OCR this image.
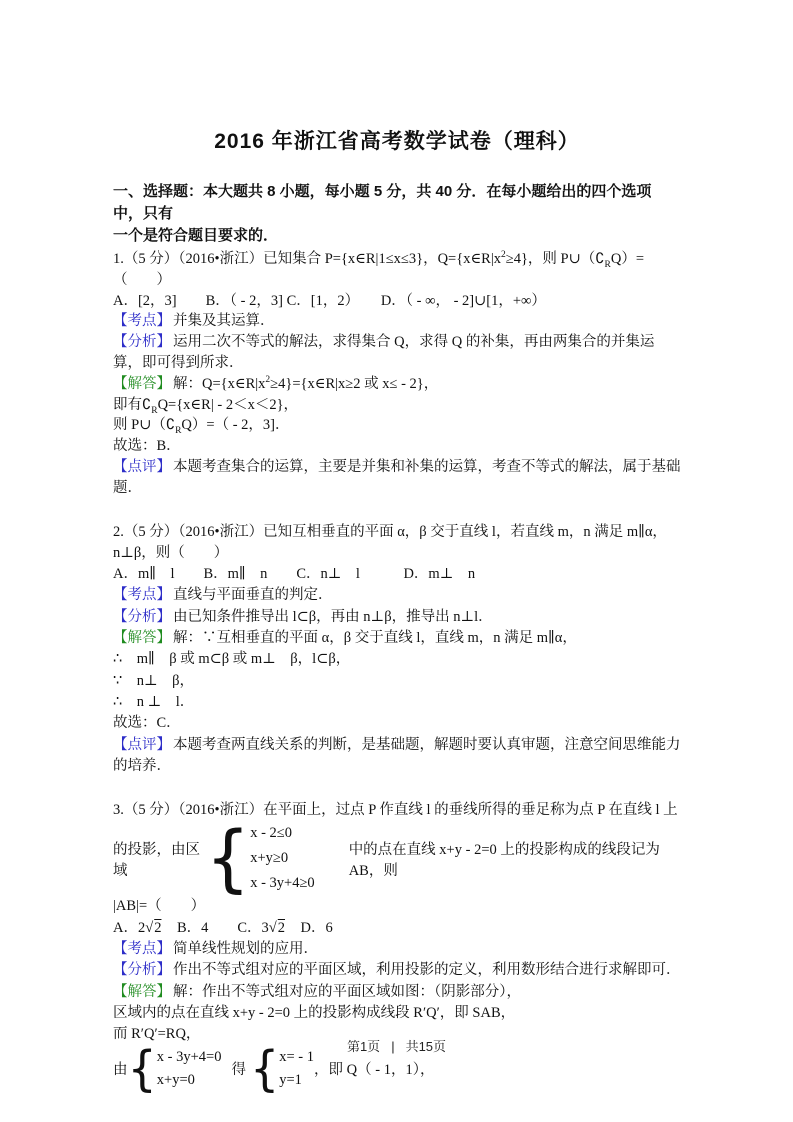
2016 年浙江省高考数学试卷（理科）
一、选择题：本大题共 8 小题，每小题 5 分，共 40 分．在每小题给出的四个选项中，只有
一个是符合题目要求的．

1.（5 分）（2016•浙江）已知集合 P={x∈R|1≤x≤3}，$Q=\{x\in R|x^2\ge 4\}$，则 $P\cup(∁_RQ)=$（　　）

A．[2，3]　　B．（ - 2，3] C．[1，2）　　D．（ - ∞， - 2]∪[1，+∞）

【考点】 并集及其运算．

【分析】 运用二次不等式的解法，求得集合 Q，求得 Q 的补集，再由两集合的并集运算，即可得到所求．

【解答】 解：$Q=\{x\in R|x^2\ge 4\}=\{x\in R|x\ge 2$ 或 x≤ - 2}，

即有$∁_RQ=\{x\in R| - 2<x<2\}$，

则 $P\cup(∁_RQ)=( - 2$，3]．

故选：B．

【点评】 本题考查集合的运算，主要是并集和补集的运算，考查不等式的解法，属于基础题．

2.（5 分）（2016•浙江）已知互相垂直的平面 α，β 交于直线 l，若直线 m，n 满足 m∥α，

n⊥β，则（　　）

A．m∥　l　　B．m∥　n　　C．n⊥　l　　　D．m⊥　n

【考点】 直线与平面垂直的判定．

【分析】 由已知条件推导出 l⊂β，再由 n⊥β，推导出 n⊥l．

【解答】 解：∵互相垂直的平面 α，β 交于直线 l，直线 m，n 满足 m∥α，

∴　m∥　β 或 m⊂β 或 m⊥　β，l⊂β，

∵　n⊥　β，

∴　n ⊥　l．

故选：C．

【点评】 本题考查两直线关系的判断，是基础题，解题时要认真审题，注意空间思维能力的培养．

3.（5 分）（2016•浙江）在平面上，过点 P 作直线 l 的垂线所得的垂足称为点 P 在直线 l 上

的投影，由区域	{ x - 2≤0
x+y≥0
x - 3y+4≥0
中的点在直线 x+y - 2=0 上的投影构成的线段记为 AB，则

|AB|=（　　）

A．2√2　B．4　　C．3√2　D．6

【考点】 简单线性规划的应用．

【分析】 作出不等式组对应的平面区域，利用投影的定义，利用数形结合进行求解即可．

【解答】 解：作出不等式组对应的平面区域如图：（阴影部分），

区域内的点在直线 x+y - 2=0 上的投影构成线段 R′Q′，即 SAB，

而 R′Q′=RQ，

由 { x - 3y+4=0
x+y=0
得 { x= - 1
y=1
，即 Q（ - 1，1），
第1页 | 共15页
